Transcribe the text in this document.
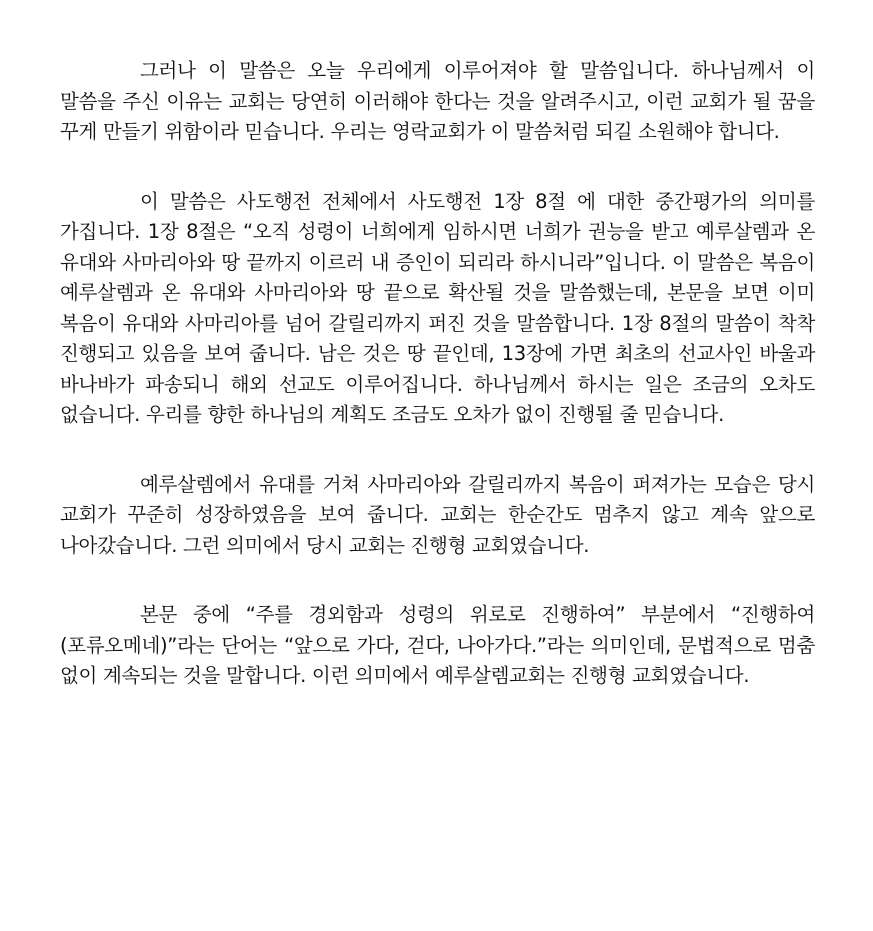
그러나 이 말씀은 오늘 우리에게 이루어져야 할 말씀입니다. 하나님께서 이 말씀을 주신 이유는 교회는 당연히 이러해야 한다는 것을 알려주시고, 이런 교회가 될 꿈을 꾸게 만들기 위함이라 믿습니다. 우리는 영락교회가 이 말씀처럼 되길 소원해야 합니다.

이 말씀은 사도행전 전체에서 사도행전 1장 8절 에 대한 중간평가의 의미를 가집니다. 1장 8절은 “오직 성령이 너희에게 임하시면 너희가 권능을 받고 예루살렘과 온 유대와 사마리아와 땅 끝까지 이르러 내 증인이 되리라 하시니라”입니다. 이 말씀은 복음이 예루살렘과 온 유대와 사마리아와 땅 끝으로 확산될 것을 말씀했는데, 본문을 보면 이미 복음이 유대와 사마리아를 넘어 갈릴리까지 퍼진 것을 말씀합니다. 1장 8절의 말씀이 착착 진행되고 있음을 보여 줍니다. 남은 것은 땅 끝인데, 13장에 가면 최초의 선교사인 바울과 바나바가 파송되니 해외 선교도 이루어집니다. 하나님께서 하시는 일은 조금의 오차도 없습니다. 우리를 향한 하나님의 계획도 조금도 오차가 없이 진행될 줄 믿습니다.

예루살렘에서 유대를 거쳐 사마리아와 갈릴리까지 복음이 퍼져가는 모습은 당시 교회가 꾸준히 성장하였음을 보여 줍니다. 교회는 한순간도 멈추지 않고 계속 앞으로 나아갔습니다. 그런 의미에서 당시 교회는 진행형 교회였습니다.

본문 중에 “주를 경외함과 성령의 위로로 진행하여” 부분에서 “진행하여(포류오메네)”라는 단어는 “앞으로 가다, 걷다, 나아가다.”라는 의미인데, 문법적으로 멈춤 없이 계속되는 것을 말합니다. 이런 의미에서 예루살렘교회는 진행형 교회였습니다.
